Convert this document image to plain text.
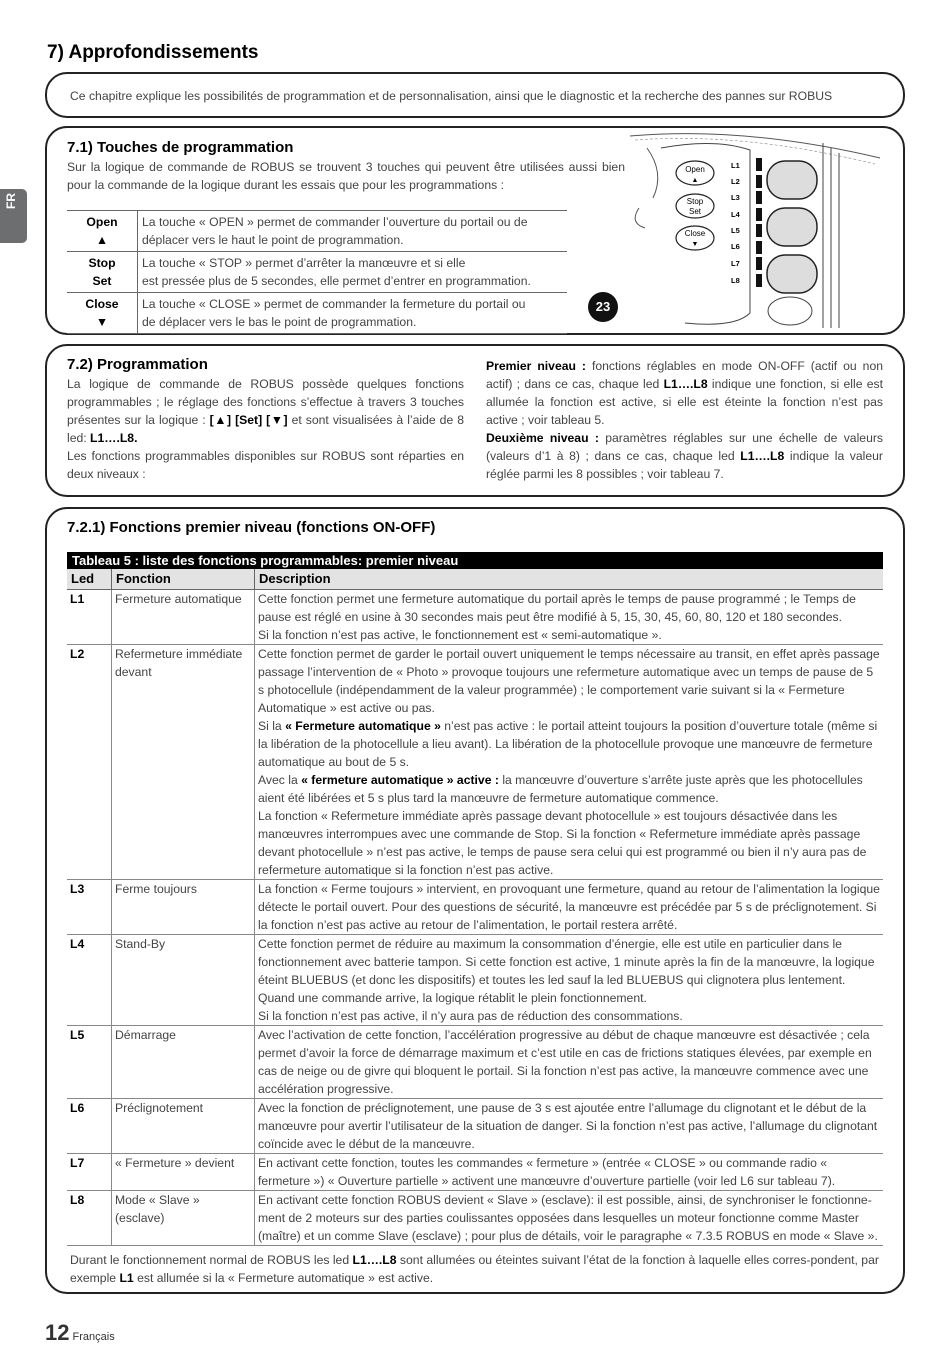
FR
7) Approfondissements
Ce chapitre explique les possibilités de programmation et de personnalisation, ainsi que le diagnostic et la recherche des pannes sur ROBUS
7.1) Touches de programmation

Sur la logique de commande de ROBUS se trouvent 3 touches qui peuvent être utilisées aussi bien pour la commande de la logique durant les essais que pour les programmations :

Open
▲	La touche « OPEN » permet de commander l’ouverture du portail ou de
déplacer vers le haut le point de programmation.
Stop
Set	La touche « STOP » permet d’arrêter la manœuvre et si elle
est pressée plus de 5 secondes, elle permet d’entrer en programmation.
Close
▼	La touche « CLOSE » permet de commander la fermeture du portail ou
de déplacer vers le bas le point de programmation.
23
Open
▲
Stop
Set
Close
▼
L1
L2
L3
L4
L5
L6
L7
L8
7.2) Programmation

La logique de commande de ROBUS possède quelques fonctions programmables ; le réglage des fonctions s’effectue à travers 3 touches présentes sur la logique : [▲] [Set] [▼] et sont visualisées à l’aide de 8 led: L1….L8.
Les fonctions programmables disponibles sur ROBUS sont réparties en deux niveaux :

Premier niveau : fonctions réglables en mode ON-OFF (actif ou non actif) ; dans ce cas, chaque led L1….L8 indique une fonction, si elle est allumée la fonction est active, si elle est éteinte la fonction n’est pas active ; voir tableau 5.
Deuxième niveau : paramètres réglables sur une échelle de valeurs (valeurs d’1 à 8) ; dans ce cas, chaque led L1….L8 indique la valeur réglée parmi les 8 possibles ; voir tableau 7.

7.2.1) Fonctions premier niveau (fonctions ON-OFF)
Tableau 5 : liste des fonctions programmables: premier niveau		
Led	Fonction	Description
L1	Fermeture automatique	Cette fonction permet une fermeture automatique du portail après le temps de pause programmé ; le Temps de pause est réglé en usine à 30 secondes mais peut être modifié à 5, 15, 30, 45, 60, 80, 120 et 180 secondes.

Si la fonction n’est pas active, le fonctionnement est « semi-automatique ».

L2	Refermeture immédiate devant	Cette fonction permet de garder le portail ouvert uniquement le temps nécessaire au transit, en effet après passage passage l’intervention de « Photo » provoque toujours une refermeture automatique avec un temps de pause de 5 s photocellule (indépendamment de la valeur programmée) ; le comportement varie suivant si la « Fermeture Automatique » est active ou pas.

Si la « Fermeture automatique » n’est pas active : le portail atteint toujours la position d’ouverture totale (même si la libération de la photocellule a lieu avant). La libération de la photocellule provoque une manœuvre de fermeture automatique au bout de 5 s.

Avec la « fermeture automatique » active : la manœuvre d’ouverture s’arrête juste après que les photocellules aient été libérées et 5 s plus tard la manœuvre de fermeture automatique commence.

La fonction « Refermeture immédiate après passage devant photocellule » est toujours désactivée dans les manœuvres interrompues avec une commande de Stop. Si la fonction « Refermeture immédiate après passage devant photocellule » n’est pas active, le temps de pause sera celui qui est programmé ou bien il n’y aura pas de refermeture automatique si la fonction n’est pas active.

L3	Ferme toujours	La fonction « Ferme toujours » intervient, en provoquant une fermeture, quand au retour de l’alimentation la logique détecte le portail ouvert. Pour des questions de sécurité, la manœuvre est précédée par 5 s de préclignotement. Si la fonction n’est pas active au retour de l’alimentation, le portail restera arrêté.

L4	Stand-By	Cette fonction permet de réduire au maximum la consommation d’énergie, elle est utile en particulier dans le fonctionnement avec batterie tampon. Si cette fonction est active, 1 minute après la fin de la manœuvre, la logique éteint BLUEBUS (et donc les dispositifs) et toutes les led sauf la led BLUEBUS qui clignotera plus lentement. Quand une commande arrive, la logique rétablit le plein fonctionnement.

Si la fonction n’est pas active, il n’y aura pas de réduction des consommations.

L5	Démarrage	Avec l’activation de cette fonction, l’accélération progressive au début de chaque manœuvre est désactivée ; cela permet d’avoir la force de démarrage maximum et c’est utile en cas de frictions statiques élevées, par exemple en cas de neige ou de givre qui bloquent le portail. Si la fonction n’est pas active, la manœuvre commence avec une accélération progressive.

L6	Préclignotement	Avec la fonction de préclignotement, une pause de 3 s est ajoutée entre l’allumage du clignotant et le début de la manœuvre pour avertir l’utilisateur de la situation de danger. Si la fonction n’est pas active, l’allumage du clignotant coïncide avec le début de la manœuvre.

L7	« Fermeture » devient	En activant cette fonction, toutes les commandes « fermeture » (entrée « CLOSE » ou commande radio « fermeture ») « Ouverture partielle » activent une manœuvre d’ouverture partielle (voir led L6 sur tableau 7).

L8	Mode « Slave » (esclave)	En activant cette fonction ROBUS devient « Slave » (esclave): il est possible, ainsi, de synchroniser le fonctionne-ment de 2 moteurs sur des parties coulissantes opposées dans lesquelles un moteur fonctionne comme Master (maître) et un comme Slave (esclave) ; pour plus de détails, voir le paragraphe « 7.3.5 ROBUS en mode « Slave ».

Durant le fonctionnement normal de ROBUS les led L1….L8 sont allumées ou éteintes suivant l’état de la fonction à laquelle elles corres-pondent, par exemple L1 est allumée si la « Fermeture automatique » est active.

12 Français
